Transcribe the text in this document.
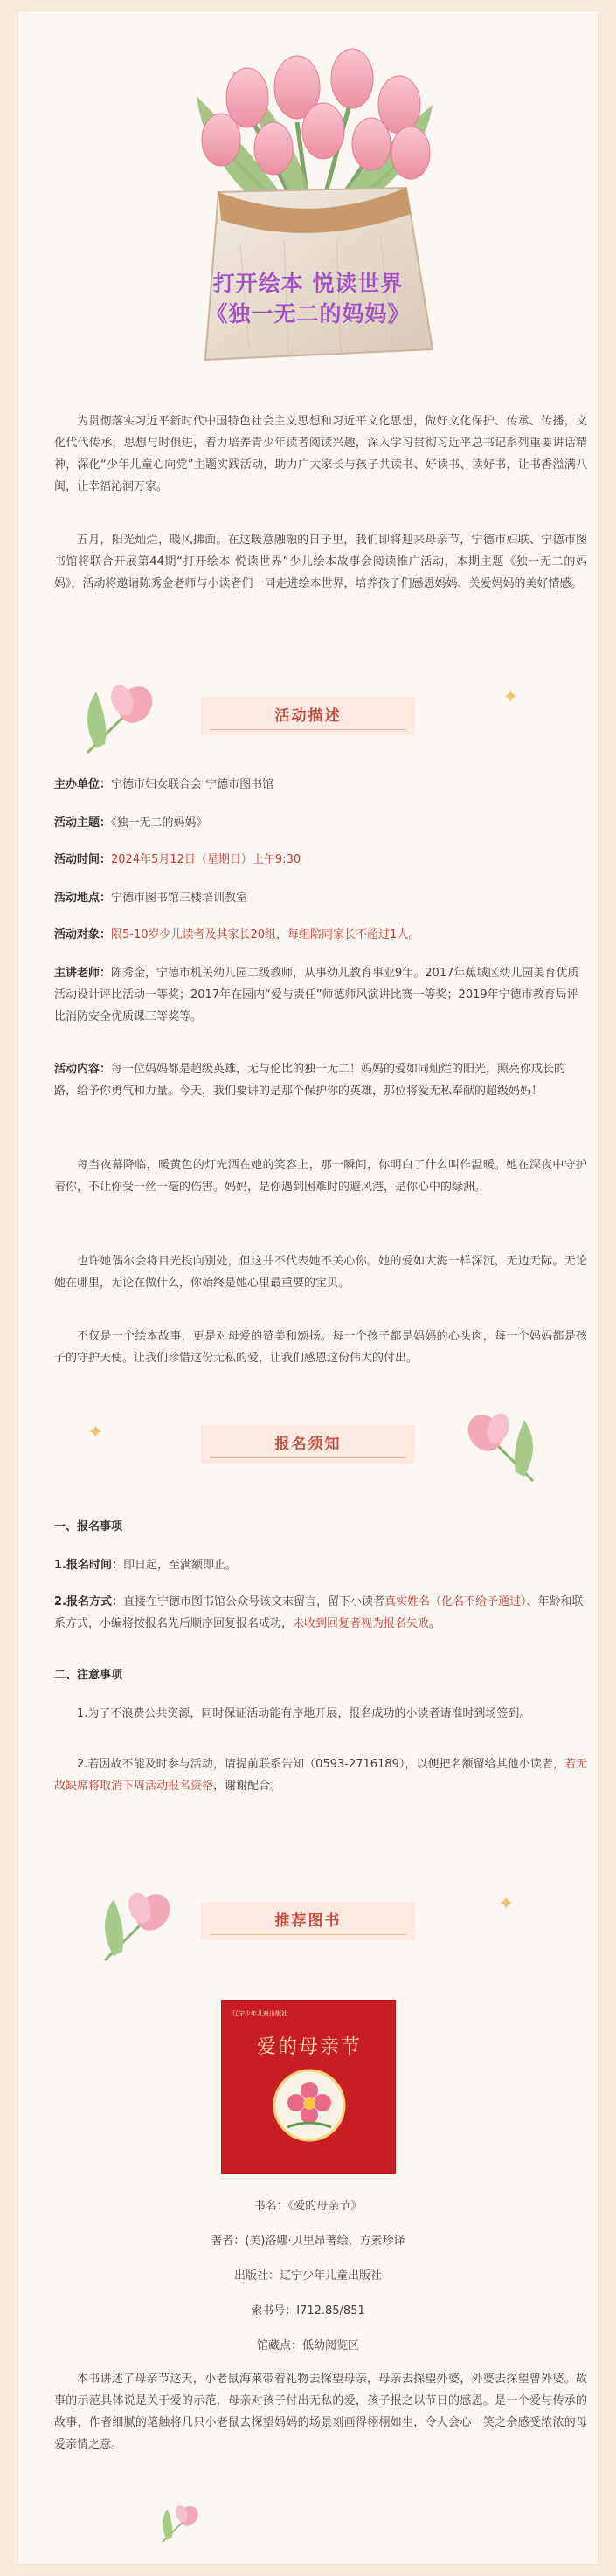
打开绘本 悦读世界
《独一无二的妈妈》

为贯彻落实习近平新时代中国特色社会主义思想和习近平文化思想，做好文化保护、传承、传播，文化代代传承，思想与时俱进，着力培养青少年读者阅读兴趣，深入学习贯彻习近平总书记系列重要讲话精神，深化“少年儿童心向党”主题实践活动，助力广大家长与孩子共读书、好读书、读好书，让书香溢满八闽，让幸福沁润万家。

五月，阳光灿烂，暖风拂面。在这暖意融融的日子里，我们即将迎来母亲节，宁德市妇联、宁德市图书馆将联合开展第44期“打开绘本 悦读世界”少儿绘本故事会阅读推广活动，本期主题《独一无二的妈妈》，活动将邀请陈秀金老师与小读者们一同走进绘本世界，培养孩子们感恩妈妈、关爱妈妈的美好情感。

活动描述
✦
主办单位：宁德市妇女联合会 宁德市图书馆
活动主题：《独一无二的妈妈》
活动时间：2024年5月12日（星期日）上午9:30
活动地点：宁德市图书馆三楼培训教室
活动对象：限5-10岁少儿读者及其家长20组，每组陪同家长不超过1人。
主讲老师：陈秀金，宁德市机关幼儿园二级教师，从事幼儿教育事业9年。2017年蕉城区幼儿园美育优质活动设计评比活动一等奖；2017年在园内“爱与责任”师德师风演讲比赛一等奖；2019年宁德市教育局评比消防安全优质课三等奖等。
活动内容：每一位妈妈都是超级英雄，无与伦比的独一无二！妈妈的爱如同灿烂的阳光，照亮你成长的路，给予你勇气和力量。今天，我们要讲的是那个保护你的英雄，那位将爱无私奉献的超级妈妈！

每当夜幕降临，暖黄色的灯光洒在她的笑容上，那一瞬间，你明白了什么叫作温暖。她在深夜中守护着你，不让你受一丝一毫的伤害。妈妈，是你遇到困难时的避风港，是你心中的绿洲。

也许她偶尔会将目光投向别处，但这并不代表她不关心你。她的爱如大海一样深沉，无边无际。无论她在哪里，无论在做什么，你始终是她心里最重要的宝贝。

不仅是一个绘本故事，更是对母爱的赞美和颂扬。每一个孩子都是妈妈的心头肉，每一个妈妈都是孩子的守护天使。让我们珍惜这份无私的爱，让我们感恩这份伟大的付出。

✦
报名须知
一、报名事项
1.报名时间：即日起，至满额即止。
2.报名方式：直接在宁德市图书馆公众号该文末留言，留下小读者真实姓名（化名不给予通过）、年龄和联系方式，小编将按报名先后顺序回复报名成功，未收到回复者视为报名失败。
二、注意事项

1.为了不浪费公共资源，同时保证活动能有序地开展，报名成功的小读者请准时到场签到。

2.若因故不能及时参与活动，请提前联系告知（0593-2716189），以便把名额留给其他小读者，若无故缺席将取消下周活动报名资格，谢谢配合。

推荐图书
✦
辽宁少年儿童出版社
爱的母亲节
书名：《爱的母亲节》
著者：(美)洛娜·贝里昂著绘，方素珍译
出版社：辽宁少年儿童出版社
索书号：I712.85/851
馆藏点：低幼阅览区

本书讲述了母亲节这天，小老鼠海莱带着礼物去探望母亲，母亲去探望外婆，外婆去探望曾外婆。故事的示范具体说是关于爱的示范，母亲对孩子付出无私的爱，孩子报之以节日的感恩。是一个爱与传承的故事，作者细腻的笔触将几只小老鼠去探望妈妈的场景刻画得栩栩如生，令人会心一笑之余感受浓浓的母爱亲情之意。
